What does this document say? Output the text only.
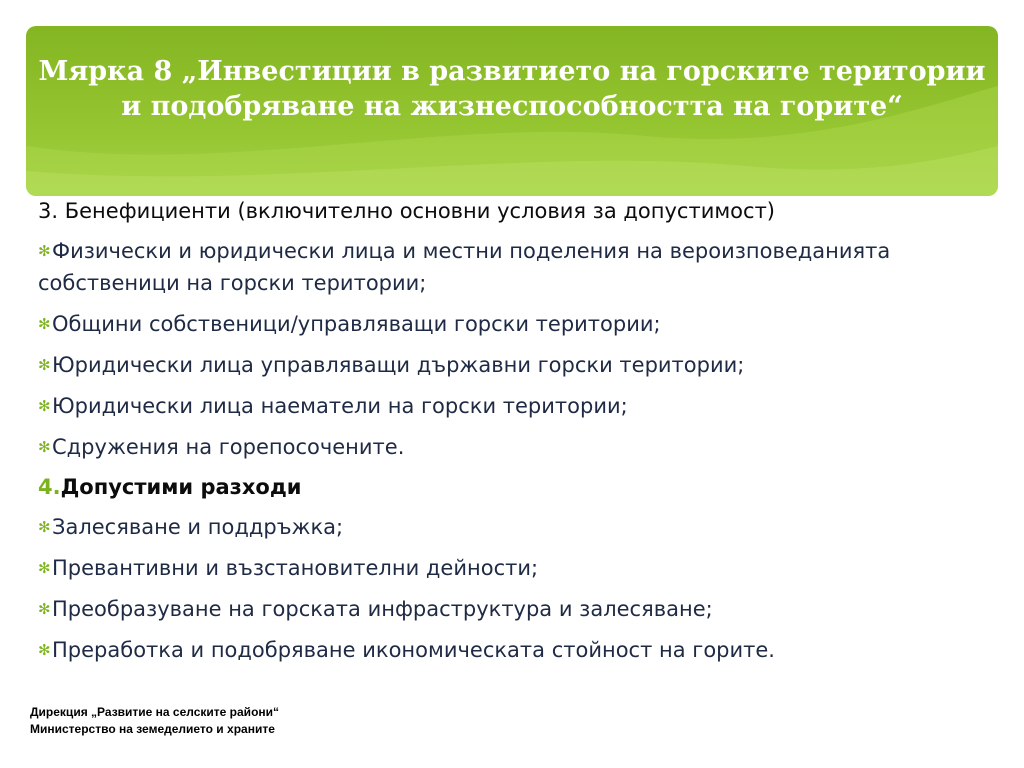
Мярка 8 „Инвестиции в развитието на горските територии и подобряване на жизнеспособността на горите“
3. Бенефициенти (включително основни условия за допустимост)
✻Физически и юридически лица и местни поделения на вероизповеданията собственици на горски територии;
✻Общини собственици/управляващи горски територии;
✻Юридически лица управляващи държавни горски територии;
✻Юридически лица наематели на горски територии;
✻Сдружения на горепосочените.
4.Допустими разходи
✻Залесяване и поддръжка;
✻Превантивни и възстановителни дейности;
✻Преобразуване на горската инфраструктура и залесяване;
✻Преработка и подобряване икономическата стойност на горите.
Дирекция „Развитие на селските райони“
Министерство на земеделието и храните
